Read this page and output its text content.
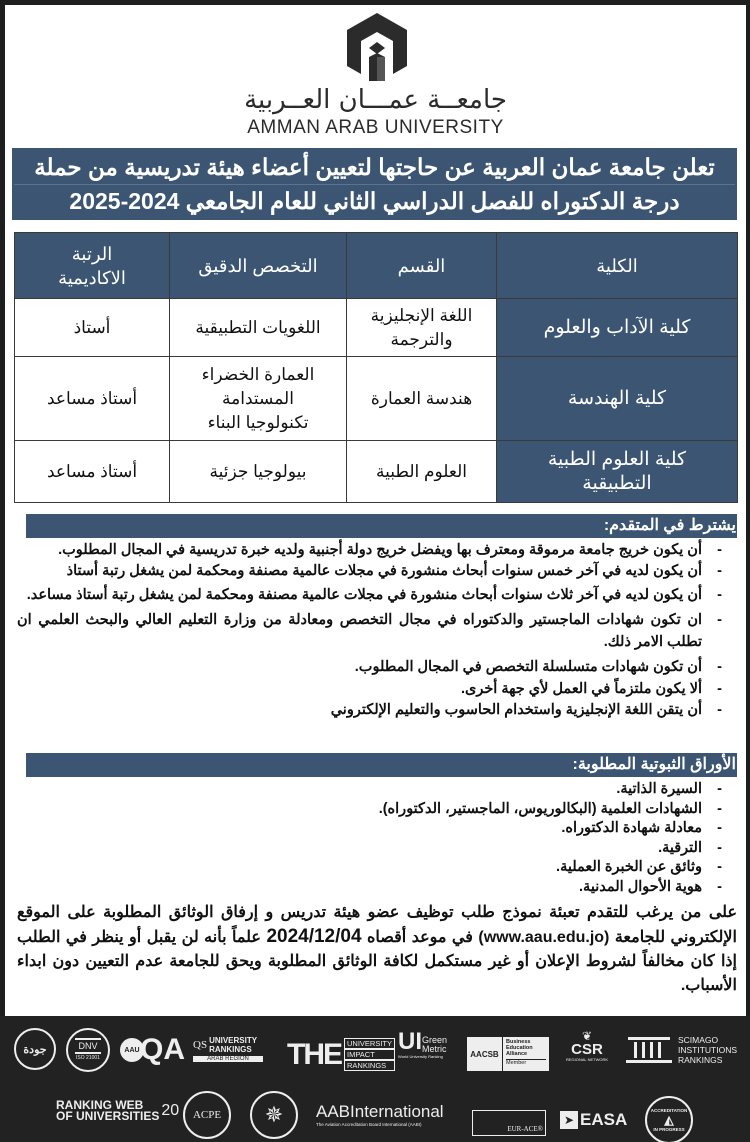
جامعــة عمـــان العــربية
AMMAN ARAB UNIVERSITY
تعلن جامعة عمان العربية عن حاجتها لتعيين أعضاء هيئة تدريسية من حملة
درجة الدكتوراه للفصل الدراسي الثاني للعام الجامعي 2024-2025
الكلية	القسم	التخصص الدقيق	الرتبة الاكاديمية
كلية الآداب والعلوم	اللغة الإنجليزية والترجمة	اللغويات التطبيقية	أستاذ
كلية الهندسة	هندسة العمارة	العمارة الخضراء المستدامة تكنولوجيا البناء	أستاذ مساعد
كلية العلوم الطبية التطبيقية	العلوم الطبية	بيولوجيا جزئية	أستاذ مساعد
يشترط في المتقدم:
- أن يكون خريج جامعة مرموقة ومعترف بها ويفضل خريج دولة أجنبية ولديه خبرة تدريسية في المجال المطلوب.
- أن يكون لديه في آخر خمس سنوات أبحاث منشورة في مجلات عالمية مصنفة ومحكمة لمن يشغل رتبة أستاذ
- أن يكون لديه في آخر ثلاث سنوات أبحاث منشورة في مجلات عالمية مصنفة ومحكمة لمن يشغل رتبة أستاذ مساعد.
- ان تكون شهادات الماجستير والدكتوراه في مجال التخصص ومعادلة من وزارة التعليم العالي والبحث العلمي ان تطلب الامر ذلك.
- أن تكون شهادات متسلسلة التخصص في المجال المطلوب.
- ألا يكون ملتزماً في العمل لأي جهة أخرى.
- أن يتقن اللغة الإنجليزية واستخدام الحاسوب والتعليم الإلكتروني
الأوراق الثبوتية المطلوبة:
- السيرة الذاتية.
- الشهادات العلمية (البكالوريوس، الماجستير، الدكتوراه).
- معادلة شهادة الدكتوراه.
- الترقية.
- وثائق عن الخبرة العملية.
- هوية الأحوال المدنية.

على من يرغب للتقدم تعبئة نموذج طلب توظيف عضو هيئة تدريس و إرفاق الوثائق المطلوبة على الموقع الإلكتروني للجامعة (www.aau.edu.jo) في موعد أقصاه 2024/12/04 علماً بأنه لن يقبل أو ينظر في الطلب إذا كان مخالفاً لشروط الإعلان أو غير مستكمل لكافة الوثائق المطلوبة ويحق للجامعة عدم التعيين دون ابداء الأسباب.

جودة	DNV
ISO 21001
AAU QA QS UNIVERSITY RANKINGS
ARAB REGION	THE UNIVERSITY
IMPACT
RANKINGS
UI Green
Metric
World University Ranking	AACSB
Business
Education
Alliance
Member
❦
CSR
REGIONAL NETWORK
SCIMAGO
INSTITUTIONS
RANKINGS
RANKING WEB
OF UNIVERSITIES 20 ACPE ✵ AABInternational
The Aviation Accreditation Board International (AABI)
EUR-ACE®
➤ EASA	ACCREDITATION
◭
IN PROGRESS
